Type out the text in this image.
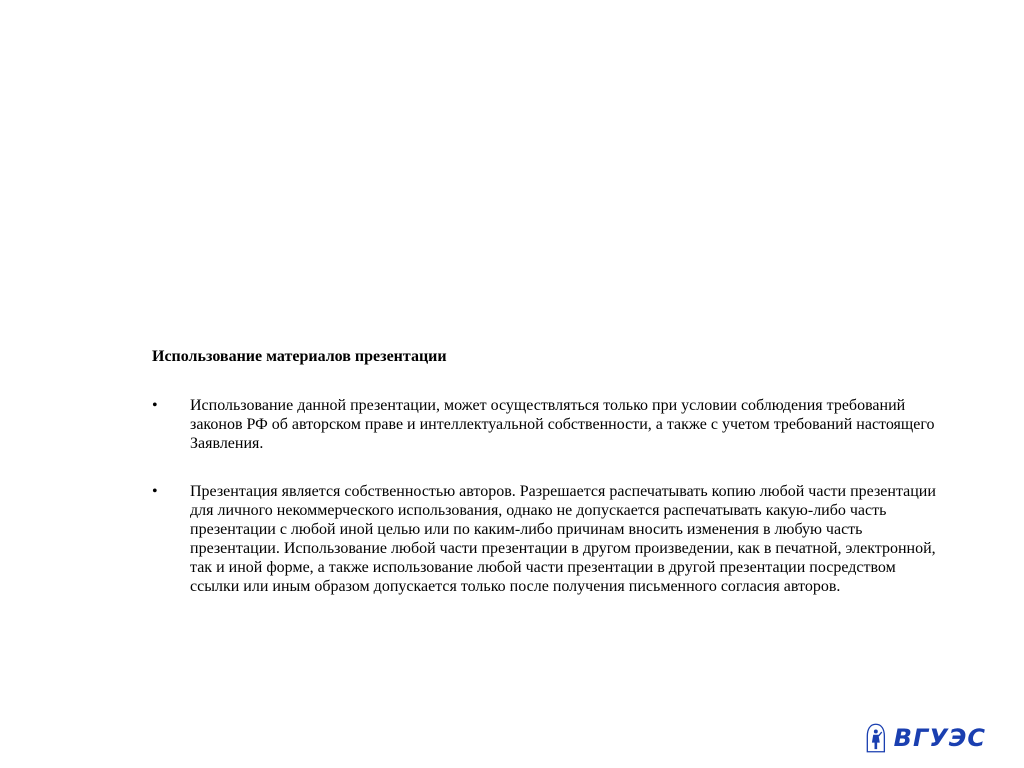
Использование материалов презентации
• Использование данной презентации, может осуществляться только при условии соблюдения требований законов РФ об авторском праве и интеллектуальной собственности, а также с учетом требований настоящего Заявления.
• Презентация является собственностью авторов. Разрешается распечатывать копию любой части презентации для личного некоммерческого использования, однако не допускается распечатывать какую-либо часть презентации с любой иной целью или по каким-либо причинам вносить изменения в любую часть презентации. Использование любой части презентации в другом произведении, как в печатной, электронной, так и иной форме, а также использование любой части презентации в другой презентации посредством ссылки или иным образом допускается только после получения письменного согласия авторов.
ВГУЭС
